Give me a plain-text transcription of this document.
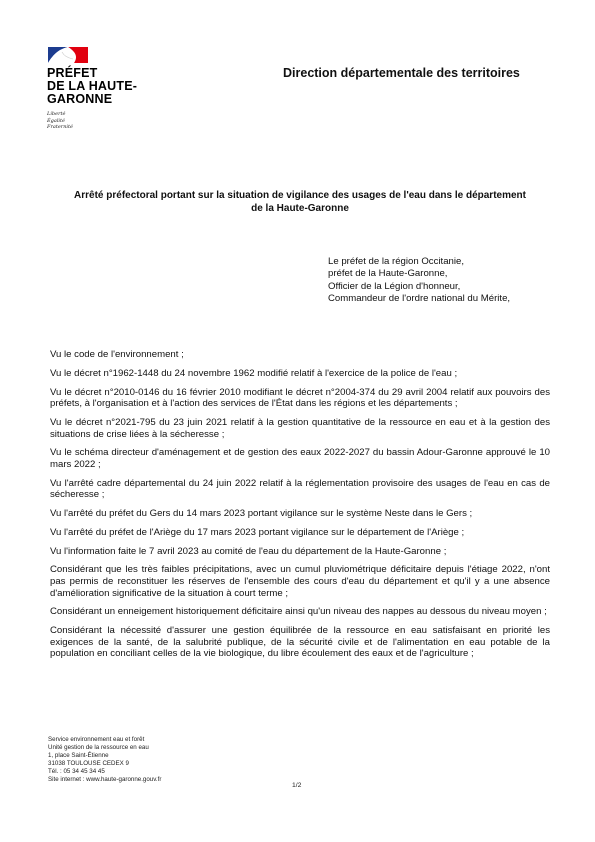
PRÉFET
DE LA HAUTE-
GARONNE
Liberté
Égalité
Fraternité
Direction départementale des territoires
Arrêté préfectoral portant sur la situation de vigilance des usages de l'eau dans le département
de la Haute-Garonne
Le préfet de la région Occitanie,
préfet de la Haute-Garonne,
Officier de la Légion d'honneur,
Commandeur de l'ordre national du Mérite,

Vu le code de l'environnement ;

Vu le décret n°1962-1448 du 24 novembre 1962 modifié relatif à l'exercice de la police de l'eau ;

Vu le décret n°2010-0146 du 16 février 2010 modifiant le décret n°2004-374 du 29 avril 2004 relatif aux pouvoirs des préfets, à l'organisation et à l'action des services de l'État dans les régions et les départements ;

Vu le décret n°2021-795 du 23 juin 2021 relatif à la gestion quantitative de la ressource en eau et à la gestion des situations de crise liées à la sécheresse ;

Vu le schéma directeur d'aménagement et de gestion des eaux 2022-2027 du bassin Adour-Garonne approuvé le 10 mars 2022 ;

Vu l'arrêté cadre départemental du 24 juin 2022 relatif à la réglementation provisoire des usages de l'eau en cas de sécheresse ;

Vu l'arrêté du préfet du Gers du 14 mars 2023 portant vigilance sur le système Neste dans le Gers ;

Vu l'arrêté du préfet de l'Ariège du 17 mars 2023 portant vigilance sur le département de l'Ariège ;

Vu l'information faite le 7 avril 2023 au comité de l'eau du département de la Haute-Garonne ;

Considérant que les très faibles précipitations, avec un cumul pluviométrique déficitaire depuis l'étiage 2022, n'ont pas permis de reconstituer les réserves de l'ensemble des cours d'eau du département et qu'il y a une absence d'amélioration significative de la situation à court terme ;

Considérant un enneigement historiquement déficitaire ainsi qu'un niveau des nappes au dessous du niveau moyen ;

Considérant la nécessité d'assurer une gestion équilibrée de la ressource en eau satisfaisant en priorité les exigences de la santé, de la salubrité publique, de la sécurité civile et de l'alimentation en eau potable de la population en conciliant celles de la vie biologique, du libre écoulement des eaux et de l'agriculture ;

Service environnement eau et forêt
Unité gestion de la ressource en eau
1, place Saint-Étienne
31038 TOULOUSE CEDEX 9
Tél. : 05 34 45 34 45
Site internet : www.haute-garonne.gouv.fr
1/2
